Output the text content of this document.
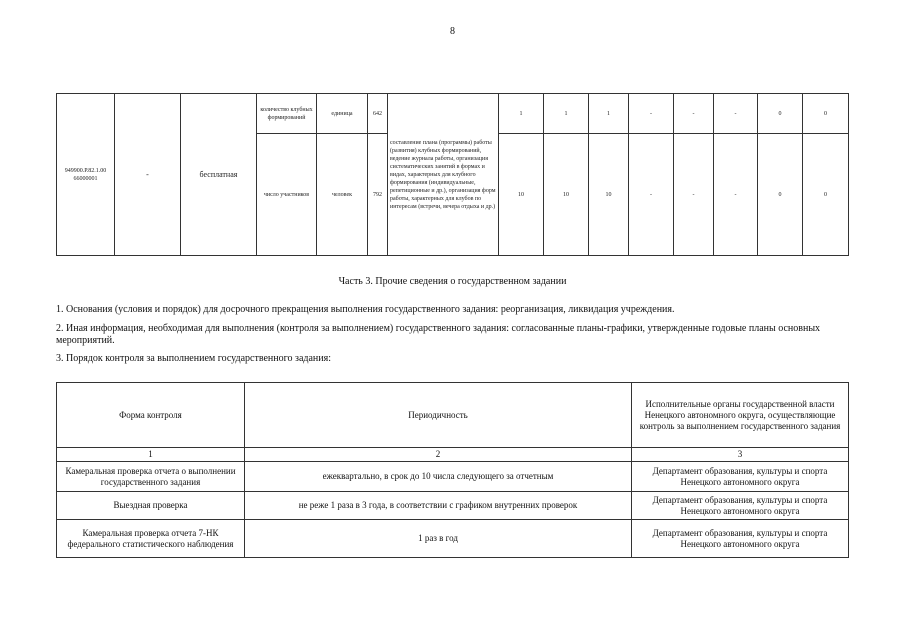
8
949900.Р.82.1.00 66000001	-	бесплатная	количество клубных формирований	единица	642	составление плана (программы) работы (развития) клубных формирований, ведение журнала работы, организация систематических занятий в формах и видах, характерных для клубного формирования (индивидуальные, репетиционные и др.), организация форм работы, характерных для клубов по интересам (встречи, вечера отдыха и др.)	1	1	1	-	-	-	0	0
			число участников	человек	792		10	10	10	-	-	-	0	0
Часть 3. Прочие сведения о государственном задании
1. Основания (условия и порядок) для досрочного прекращения выполнения государственного задания: реорганизация, ликвидация учреждения.
2. Иная информация, необходимая для выполнения (контроля за выполнением) государственного задания: согласованные планы-графики, утвержденные годовые планы основных мероприятий.
3. Порядок контроля за выполнением государственного задания:
Форма контроля	Периодичность	Исполнительные органы государственной власти Ненецкого автономного округа, осуществляющие контроль за выполнением государственного задания
1	2	3
Камеральная проверка отчета о выполнении государственного задания	ежеквартально, в срок до 10 числа следующего за отчетным	Департамент образования, культуры и спорта Ненецкого автономного округа
Выездная проверка	не реже 1 раза в 3 года, в соответствии с графиком внутренних проверок	Департамент образования, культуры и спорта Ненецкого автономного округа
Камеральная проверка отчета 7-НК федерального статистического наблюдения	1 раз в год	Департамент образования, культуры и спорта Ненецкого автономного округа
